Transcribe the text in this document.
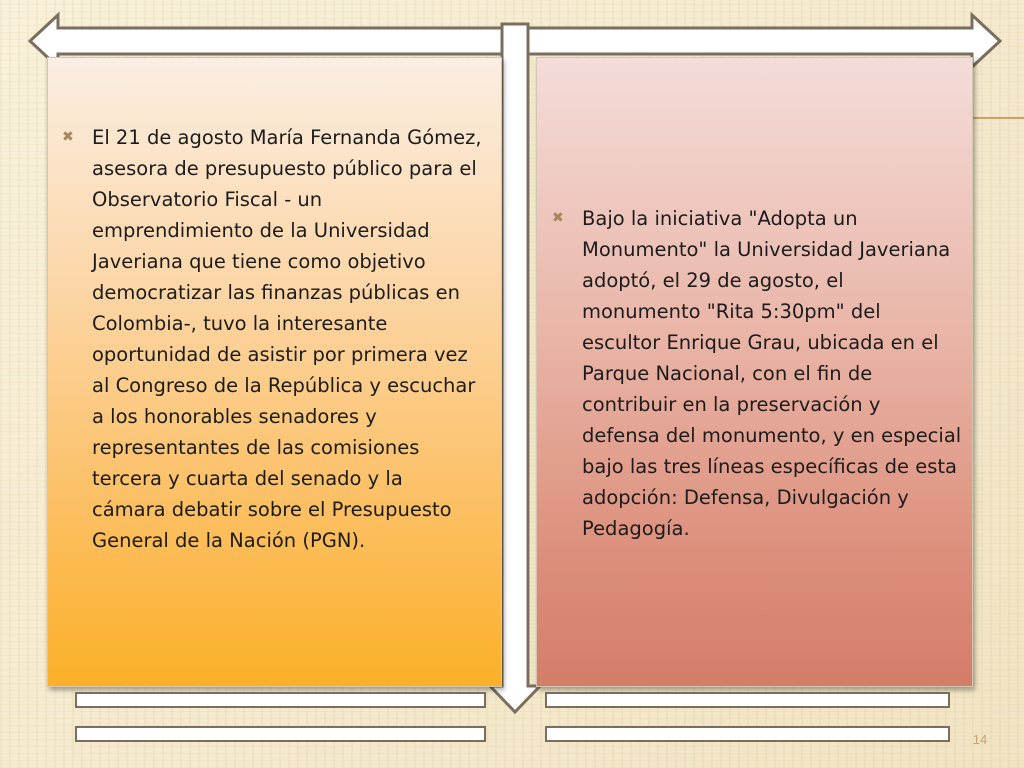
✖ El 21 de agosto María Fernanda Gómez, asesora de presupuesto público para el Observatorio Fiscal - un emprendimiento de la Universidad Javeriana que tiene como objetivo democratizar las finanzas públicas en Colombia-, tuvo la interesante oportunidad de asistir por primera vez al Congreso de la República y escuchar a los honorables senadores y representantes de las comisiones tercera y cuarta del senado y la cámara debatir sobre el Presupuesto General de la Nación (PGN).
✖ Bajo la iniciativa "Adopta un Monumento" la Universidad Javeriana adoptó, el 29 de agosto, el monumento "Rita 5:30pm" del escultor Enrique Grau, ubicada en el Parque Nacional, con el fin de contribuir en la preservación y defensa del monumento, y en especial bajo las tres líneas específicas de esta adopción: Defensa, Divulgación y Pedagogía.
14
